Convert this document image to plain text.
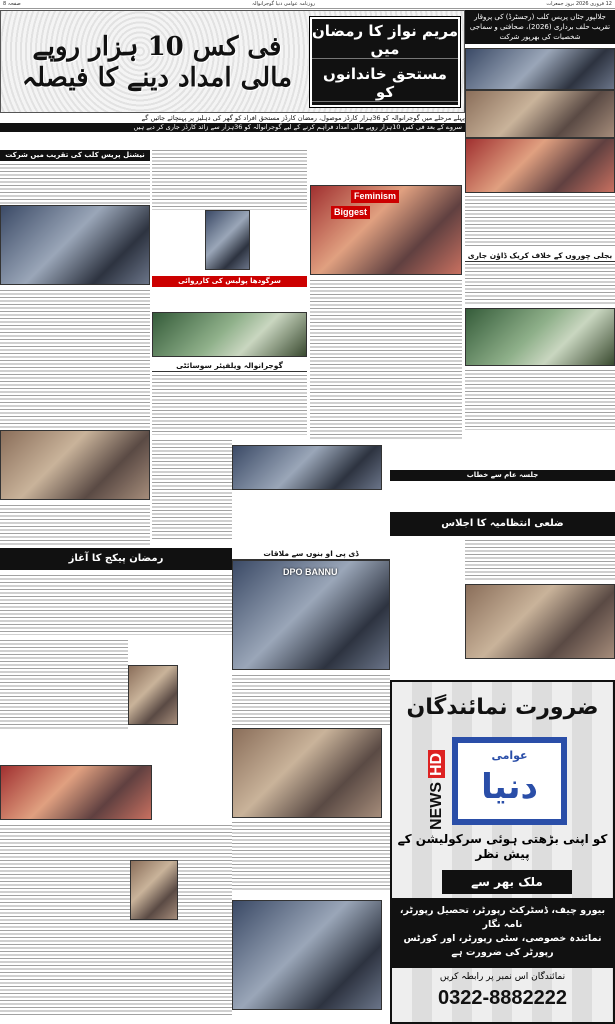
12 فروری 2026 بروز جمعرات
روزنامہ عوامی دنیا گوجرانوالہ
صفحہ 8
مریم نواز کا رمضان میں
مستحق خاندانوں کو
فی کس 10 ہزار روپے مالی امداد دینے کا فیصلہ
پہلے مرحلے میں گوجرانوالہ کو 36ہزار کارڈز موصول، رمضان کارڈز مستحق افراد کو گھر کی دہلیز پر پہنچائے جائیں گے
سروے کے بعد فی کس 10ہزار روپے مالی امداد فراہم کرنے کے لیے گوجرانوالہ کو 36ہزار سے زائد کارڈز جاری کر دیے ہیں
جلالپور جٹاں پریس کلب (رجسٹرڈ) کی پروقار تقریب حلف برداری (2026)، صحافتی و سماجی شخصیات کی بھرپور شرکت
بجلی چوروں کے خلاف کریک ڈاؤن جاری
ضلعی انتظامیہ کا اجلاس
نیشنل پریس کلب کی تقریب میں شرکت
سرگودھا پولیس کی کارروائی
گوجرانوالہ ویلفیئر سوسائٹی
Feminism
Biggest
جلسہ عام سے خطاب
رمضان پیکج کا آغاز	ڈی پی او بنوں سے ملاقات
DPO BANNU
ضرورت نمائندگان
NEWS HD	عوامی
دنیا
کو اپنی بڑھتی ہوئی سرکولیشن کے پیش نظر
ملک بھر سے
بیورو چیف، ڈسٹرکٹ رپورٹر، تحصیل رپورٹر، نامہ نگار
نمائندہ خصوصی، سٹی رپورٹر، اور کورٹس رپورٹر کی ضرورت ہے
نمائندگان اس نمبر پر رابطہ کریں
0322-8882222
